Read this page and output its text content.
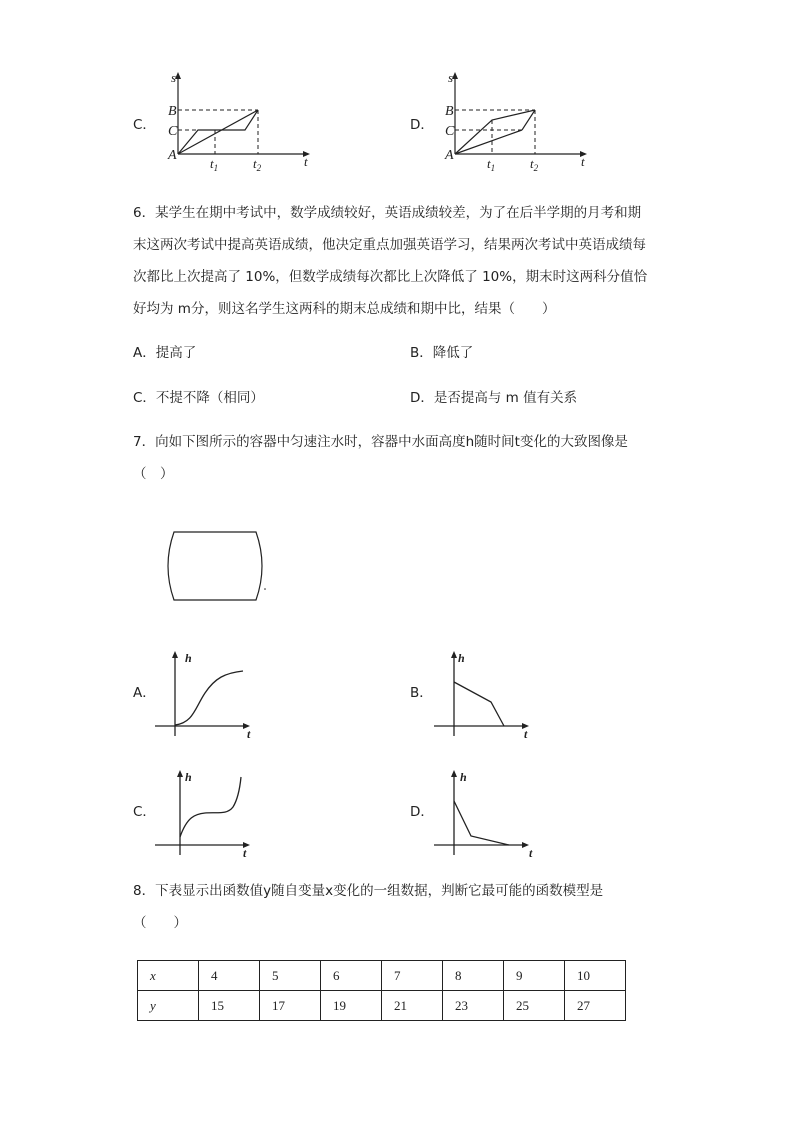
C．
s
B
C
A
$t_1$	$t_2$	t
D．
s
B
C
A
$t_1$	$t_2$	t
6．某学生在期中考试中，数学成绩较好，英语成绩较差，为了在后半学期的月考和期
末这两次考试中提高英语成绩，他决定重点加强英语学习，结果两次考试中英语成绩每
次都比上次提高了 10%，但数学成绩每次都比上次降低了 10%，期末时这两科分值恰
好均为 m分，则这名学生这两科的期末总成绩和期中比，结果（　　）
A．提高了	B．降低了
C．不提不降（相同）	D．是否提高与 m 值有关系
7．向如下图所示的容器中匀速注水时，容器中水面高度h随时间t变化的大致图像是
（　）
A．
h
t
B．
h
t
C．
h
t
D．
h
t
8．下表显示出函数值y随自变量x变化的一组数据，判断它最可能的函数模型是
（　　）
x	4	5	6	7	8	9	10
y	15	17	19	21	23	25	27
